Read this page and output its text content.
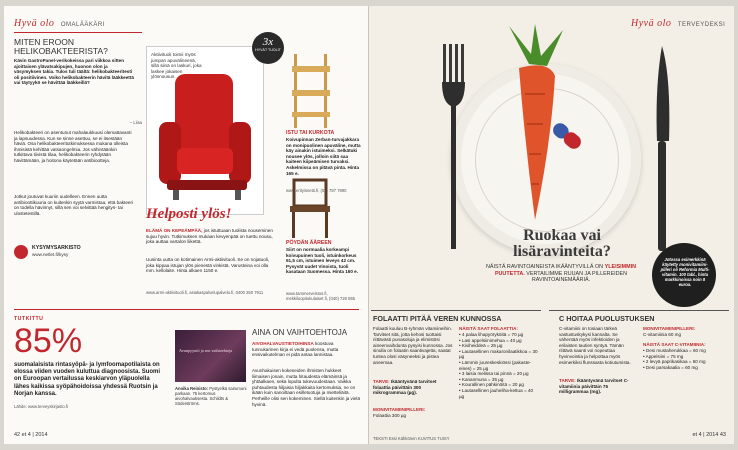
Hyvä olo OMALÄÄKÄRI

MITEN EROON HELIKOBAKTEERISTA?

Kävin GastroPanel-verikokeissa pari viikkoa sitten ajoittaisen ylävatsakipujen, huonon olon ja väsymyksen takia. Tulos tuli täältä: helikobakteeritesti oli positiivinen. Voiko helikobakteerin hävitä lääkkeettä vai täytyykö se hävittää lääkkeillä?

– Liisa

Helikobakteeri on asentunut mahalaukkuusi olemattavanti ja lapsuudessa. Kun se sinne asettuu, se ei itsestään häviä. Osa helikobakteeritutkimuksessa mukana olleista ihmisistä kehittää vatsaongelmia. Jos vähintäänkin tutkittava tiivistä tilaa, helikobakteerin ryhdytään hävittämään, ja hoitona käytetään antibiootteja.

Jotkut joutuvat kuuriin uudelleen. Ennen uutta antibioottikuuria on kuitenkin syytä varmistaa, että bakteeri on todella hävinnyt, sillä sen voi selvittää hengitys- tai ulostetestillä.

KYSYMYSARKISTO
www.netlet.fi/kysy

Aktiivituoli toimii myös jumpan apuvälineenä, sillä siinä on laskuri, joka laskee jokaisen ylösnousun.

3x
HYVÄT TUOLIT

Helposti ylös!

ELÄMÄ ON KEPEÄMPÄÄ, jos istuttuaan tuolista nouseminen sujuu hyvin. Tutkimuksen mukaan kevyenpää on tuettu nousu, joka auttaa vartalon liikettä.

Uusinta uutta on kotimainen Armi-aktiivituoli. Se on nojatuoli, joka kippaa istujan ylös pienestä vinkistä. Varusteina voi olla mm. kellolaite. Hinta alkaen 1150 e.

www.armi-aktiivituoli.fi, asiakaspalvelupalvelu.fi, 0400 250 7911

ISTU TAI KURKOTA

Koivupinnan Zerban-turvajakkara on monipuolinen apuväline, mutta käy ainakin istuimeksi. Selkätuki nousee ylös, jolloin siitä saa kaiteen kiipeämisen turvaksi. Askelmissa on pitävä pinta. Hinta 165 e.

www.erityisnetti.fi, (02) 787 7890

PÖYDÄN ÄÄREEN

Siirt on normaalia korkeampi koivupuinen tuoli, istuinkorkeus 51,5 cm, istuimen leveys 42 cm. Pysyvät uudet Vinoista, tuoli kasataan Suomessa. Hinta 160 e.

www.tammerveistos.fi, mekkiluopitukulaiset.fi, (040) 726 855

TUTKITTU

85%

suomalaisista rintasyöpä- ja lymfoomapotilaista on elossa viiden vuoden kuluttua diagnoosista. Suomi on Euroopan vertailussa keskiarvon yläpuolella lähes kaikissa syöpähoidoissa yhdessä Ruotsin ja Norjan kanssa.

Lähde: www.terveyskirjasto.fi

Avunpyyntö ja sen vaihtoehtoja

Anoika Reinisto: Pystyelkä sairumuni parkaan. 75 kertomus aivohalvauksesta. Schildts & Söderströms.

AINA ON VAIHTOEHTOJA

AIVOHALVAUSTIETOIHINSA koostuva tunnukarinen kirja ei vedä puolensa, mutta ensivaikutelman ei pidä antaa lannistaa.

Avunhakuisen kokeneiden ihmisten hukkeet liimaisen jonain, mutta hitaudesta elämäinsä ja yhtäalkaen, sekä lopulta tukevuudestaan. Vaikka puhtaudesta hiljaisia hiljakkaita kertomuksia, ne on ikään kuin sanoiltaan esilletuotuja ja mietteliäitä. Perheille olisi sen kokeminen. Siellä kuitenkin ja vielä hyvinä.

42 et 4 | 2014
Hyvä olo TERVEYDEKSI

Ruokaa vai lisäravinteita?

NÄISTÄ RAVINTOAINEISTA IKÄÄNTYVILLÄ ON YLEISIMMIN PUUTETTA. VERTAILIMME RUUAN JA PILLEREIDEN RAVINTOAINEMÄÄRIÄ.

Jotossa esimerkkinä käytetty monivitamiini-pilleri oli Reformia Multi-vitamin. 100 tabl., hinta markkinoissa noin 8 euroa.

FOLAATTI PITÄÄ VEREN KUNNOSSA

Folaatti kuuluu B-ryhmän vitamiineihin. Tarvitset sitä, jotta kehosi tuottaisi riittävästi punasoluja ja elimistösi aineenvaihdunta pysyisi kunnossa. Jos sinulla on folaatin saantivajetta, saatat tuntea olosi väsyneeksi ja pistea aneemaa.

TARVE: Ikääntyvänä tarvitset folaattia päivittäin 300 mikrogrammaa (µg).

MONIVITAMIINIPILLERI:

Folaattia 300 µg

NÄISTÄ SAAT FOLAATTIA:

• 4 palaa lihapyöryköitä = 70 µg
• Lasi appelsiinimehua = 40 µg
• Kiviheiddeä = 25 µg
• Lautasellinen makaronilaatikkoa = 30 µg
• Lämmin juureskeskiössi (pakaste-eines) = 25 µg
• 3 laisia melissa tai pinnä = 20 µg
• Kananmuna = 35 µg
• Kourallinen pähkinöitä = 20 µg
• Lautasellinen jauheliha-kettua = 40 µg

C HOITAA PUOLUSTUKSEN

C-vitamiini on tosiaan tärkeä vastustuskykysi kannalta. Se vähentää myös infektioiden ja erilaisten tautien syntyä. Tämän riittävä saanti voi nopeuttaa hyvinvointia ja helpottaa myös esimerkiksi flunssasta kotiutumista.

TARVE: Ikääntyvänä tarvitset C-vitamiinia päivittäin 75 milligrammaa (mg).

MONIVITAMIINIPILLERI:

C-vitamiinia 60 mg

NÄISTÄ SAAT C-VITAMIINIA:

• Desi mustaherukkaa = 60 mg
• Appelsiini = 75 mg
• 2 levyä paprikasikaa = 60 mg
• Desi parsakaalia = 60 mg

TEKSTI Essi Kähkönen KUVITUS TUISY

et 4 | 2014 43
